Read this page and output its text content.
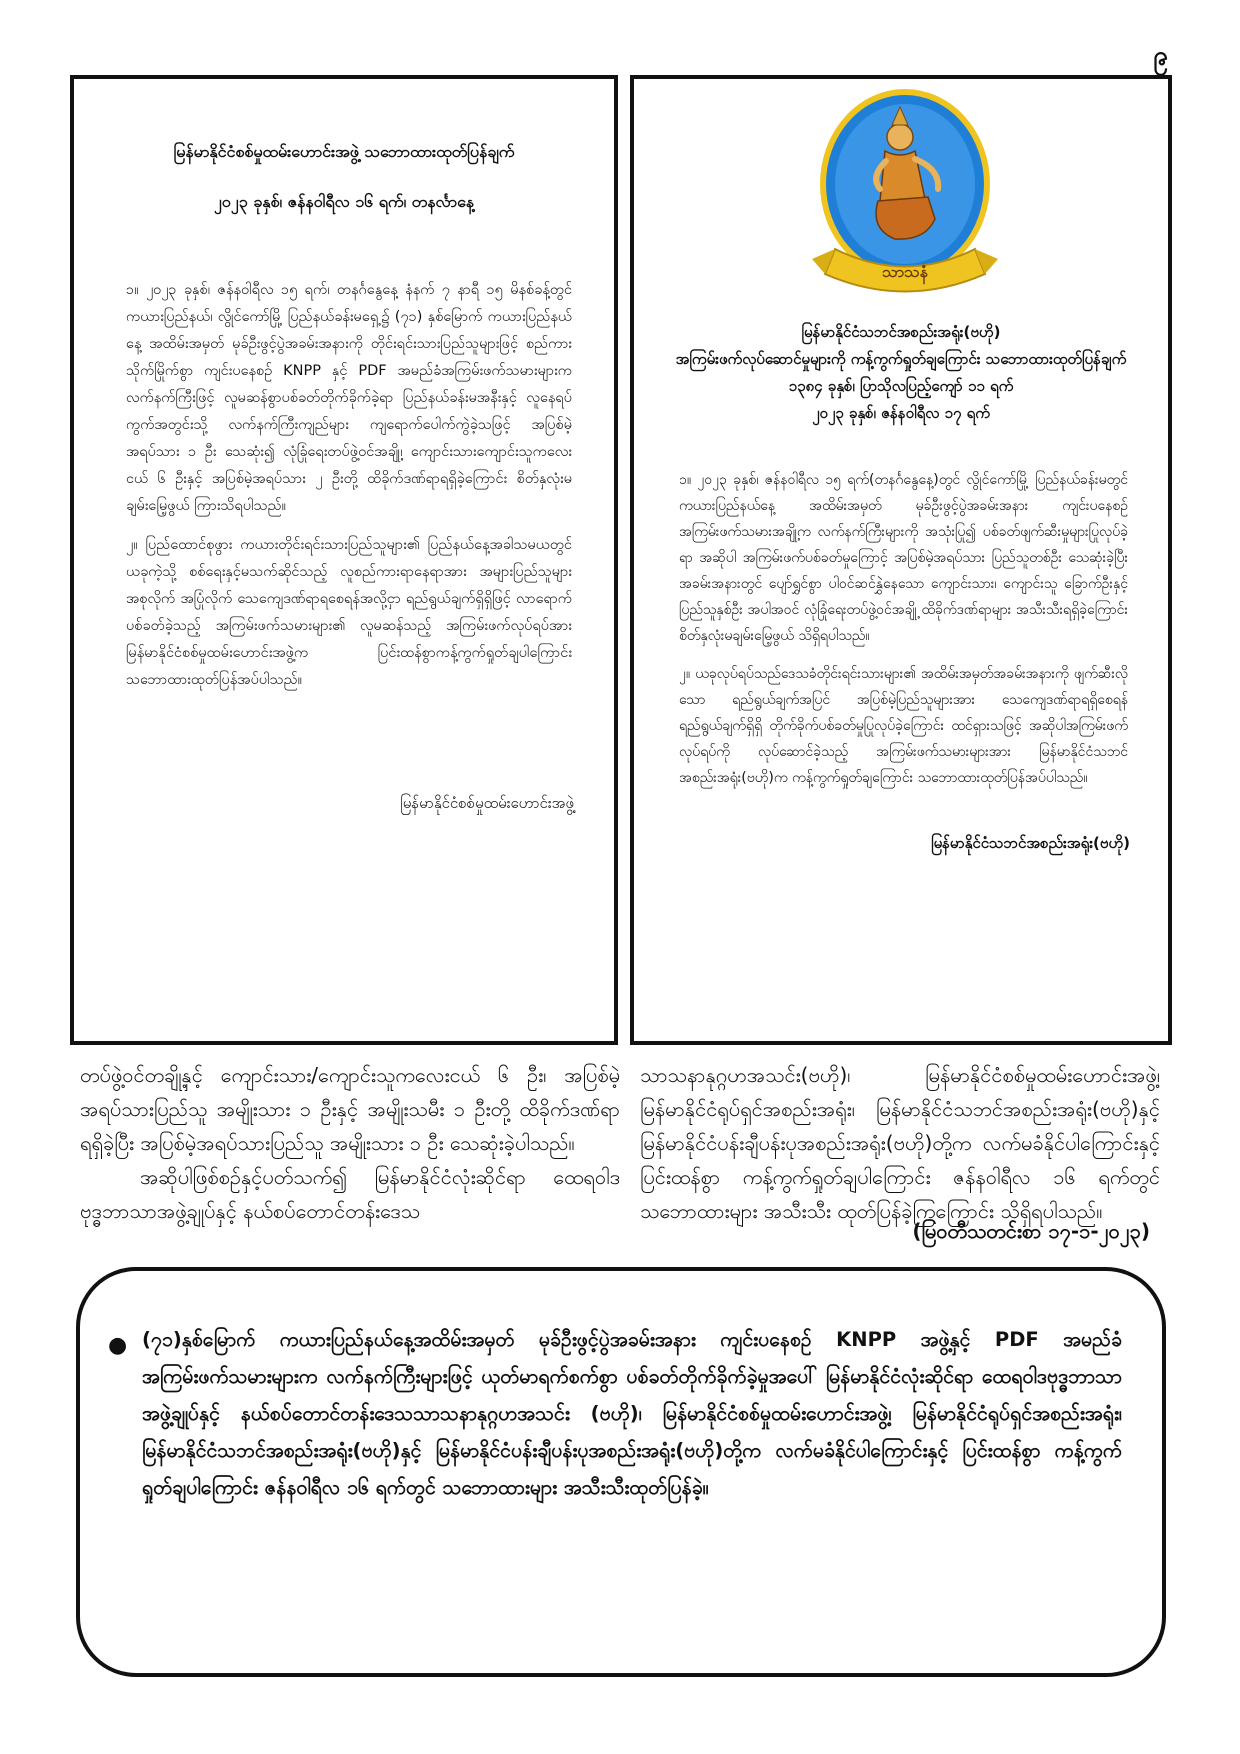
၉
မြန်မာနိုင်ငံစစ်မှုထမ်းဟောင်းအဖွဲ့ သဘောထားထုတ်ပြန်ချက်
၂၀၂၃ ခုနှစ်၊ ဇန်နဝါရီလ ၁၆ ရက်၊ တနင်္လာနေ့

၁။ ၂၀၂၃ ခုနှစ်၊ ဇန်နဝါရီလ ၁၅ ရက်၊ တနင်္ဂနွေနေ့ နံနက် ၇ နာရီ ၁၅ မိနစ်ခန့်တွင် ကယားပြည်နယ်၊ လွိုင်ကော်မြို့ ပြည်နယ်ခန်းမရှေ့၌ (၇၁) နှစ်မြောက် ကယားပြည်နယ်နေ့ အထိမ်းအမှတ် မုခ်ဦးဖွင့်ပွဲအခမ်းအနားကို တိုင်းရင်းသားပြည်သူများဖြင့် စည်ကားသိုက်မြိုက်စွာ ကျင်းပနေစဉ် KNPP နှင့် PDF အမည်ခံအကြမ်းဖက်သမားများက လက်နက်ကြီးဖြင့် လူမဆန်စွာပစ်ခတ်တိုက်ခိုက်ခဲ့ရာ ပြည်နယ်ခန်းမအနီးနှင့် လူနေရပ်ကွက်အတွင်းသို့ လက်နက်ကြီးကျည်များ ကျရောက်ပေါက်ကွဲခဲ့သဖြင့် အပြစ်မဲ့အရပ်သား ၁ ဦး သေဆုံး၍ လုံခြုံရေးတပ်ဖွဲ့ဝင်အချို့၊ ကျောင်းသားကျောင်းသူကလေးငယ် ၆ ဦးနှင့် အပြစ်မဲ့အရပ်သား ၂ ဦးတို့ ထိခိုက်ဒဏ်ရာရရှိခဲ့ကြောင်း စိတ်နှလုံးမချမ်းမြေ့ဖွယ် ကြားသိရပါသည်။

၂။ ပြည်ထောင်စုဖွား ကယားတိုင်းရင်းသားပြည်သူများ၏ ပြည်နယ်နေ့အခါသမယတွင် ယခုကဲ့သို့ စစ်ရေးနှင့်မသက်ဆိုင်သည့် လူစည်ကားရာနေရာအား အများပြည်သူများ အစုလိုက် အပြုံလိုက် သေကျေဒဏ်ရာရစေရန်အလို့ငှာ ရည်ရွယ်ချက်ရှိရှိဖြင့် လာရောက်ပစ်ခတ်ခဲ့သည့် အကြမ်းဖက်သမားများ၏ လူမဆန်သည့် အကြမ်းဖက်လုပ်ရပ်အား မြန်မာနိုင်ငံစစ်မှုထမ်းဟောင်းအဖွဲ့က ပြင်းထန်စွာကန့်ကွက်ရှုတ်ချပါကြောင်း သဘောထားထုတ်ပြန်အပ်ပါသည်။

မြန်မာနိုင်ငံစစ်မှုထမ်းဟောင်းအဖွဲ့
သာသနံ
မြန်မာနိုင်ငံသဘင်အစည်းအရုံး(ဗဟို)
အကြမ်းဖက်လုပ်ဆောင်မှုများကို ကန့်ကွက်ရှုတ်ချကြောင်း သဘောထားထုတ်ပြန်ချက်
၁၃၈၄ ခုနှစ်၊ ပြာသိုလပြည့်ကျော် ၁၁ ရက်
၂၀၂၃ ခုနှစ်၊ ဇန်နဝါရီလ ၁၇ ရက်

၁။ ၂၀၂၃ ခုနှစ်၊ ဇန်နဝါရီလ ၁၅ ရက်(တနင်္ဂနွေနေ့)တွင် လွိုင်ကော်မြို့ ပြည်နယ်ခန်းမတွင် ကယားပြည်နယ်နေ့ အထိမ်းအမှတ် မုခ်ဦးဖွင့်ပွဲအခမ်းအနား ကျင်းပနေစဉ် အကြမ်းဖက်သမားအချို့က လက်နက်ကြီးများကို အသုံးပြု၍ ပစ်ခတ်ဖျက်ဆီးမှုများပြုလုပ်ခဲ့ရာ အဆိုပါ အကြမ်းဖက်ပစ်ခတ်မှုကြောင့် အပြစ်မဲ့အရပ်သား ပြည်သူတစ်ဦး သေဆုံးခဲ့ပြီး အခမ်းအနားတွင် ပျော်ရွှင်စွာ ပါဝင်ဆင်နွှဲနေသော ကျောင်းသား၊ ကျောင်းသူ ခြောက်ဦးနှင့် ပြည်သူနှစ်ဦး အပါအဝင် လုံခြုံရေးတပ်ဖွဲ့ဝင်အချို့ ထိခိုက်ဒဏ်ရာများ အသီးသီးရရှိခဲ့ကြောင်း စိတ်နှလုံးမချမ်းမြေ့ဖွယ် သိရှိရပါသည်။

၂။ ယခုလုပ်ရပ်သည်ဒေသခံတိုင်းရင်းသားများ၏ အထိမ်းအမှတ်အခမ်းအနားကို ဖျက်ဆီးလိုသော ရည်ရွယ်ချက်အပြင် အပြစ်မဲ့ပြည်သူများအား သေကျေဒဏ်ရာရရှိစေရန် ရည်ရွယ်ချက်ရှိရှိ တိုက်ခိုက်ပစ်ခတ်မှုပြုလုပ်ခဲ့ကြောင်း ထင်ရှားသဖြင့် အဆိုပါအကြမ်းဖက်လုပ်ရပ်ကို လုပ်ဆောင်ခဲ့သည့် အကြမ်းဖက်သမားများအား မြန်မာနိုင်ငံသဘင်အစည်းအရုံး(ဗဟို)က ကန့်ကွက်ရှုတ်ချကြောင်း သဘောထားထုတ်ပြန်အပ်ပါသည်။

မြန်မာနိုင်ငံသဘင်အစည်းအရုံး(ဗဟို)

တပ်ဖွဲ့ဝင်တချို့နှင့် ကျောင်းသား/ကျောင်းသူကလေးငယ် ၆ ဦး၊ အပြစ်မဲ့အရပ်သားပြည်သူ အမျိုးသား ၁ ဦးနှင့် အမျိုးသမီး ၁ ဦးတို့ ထိခိုက်ဒဏ်ရာရရှိခဲ့ပြီး အပြစ်မဲ့အရပ်သားပြည်သူ အမျိုးသား ၁ ဦး သေဆုံးခဲ့ပါသည်။

အဆိုပါဖြစ်စဉ်နှင့်ပတ်သက်၍ မြန်မာနိုင်ငံလုံးဆိုင်ရာ ထေရဝါဒဗုဒ္ဓဘာသာအဖွဲ့ချုပ်နှင့် နယ်စပ်တောင်တန်းဒေသ

သာသနာနုဂ္ဂဟအသင်း(ဗဟို)၊ မြန်မာနိုင်ငံစစ်မှုထမ်းဟောင်းအဖွဲ့၊ မြန်မာနိုင်ငံရုပ်ရှင်အစည်းအရုံး၊ မြန်မာနိုင်ငံသဘင်အစည်းအရုံး(ဗဟို)နှင့် မြန်မာနိုင်ငံပန်းချီပန်းပုအစည်းအရုံး(ဗဟို)တို့က လက်မခံနိုင်ပါကြောင်းနှင့် ပြင်းထန်စွာ ကန့်ကွက်ရှုတ်ချပါကြောင်း ဇန်နဝါရီလ ၁၆ ရက်တွင် သဘောထားများ အသီးသီး ထုတ်ပြန်ခဲ့ကြကြောင်း သိရှိရပါသည်။

(မြဝတီသတင်းစာ ၁၇-၁-၂၀၂၃)
● (၇၁)နှစ်မြောက် ကယားပြည်နယ်နေ့အထိမ်းအမှတ် မုခ်ဦးဖွင့်ပွဲအခမ်းအနား ကျင်းပနေစဉ် KNPP အဖွဲ့နှင့် PDF အမည်ခံ အကြမ်းဖက်သမားများက လက်နက်ကြီးများဖြင့် ယုတ်မာရက်စက်စွာ ပစ်ခတ်တိုက်ခိုက်ခဲ့မှုအပေါ် မြန်မာနိုင်ငံလုံးဆိုင်ရာ ထေရဝါဒဗုဒ္ဓဘာသာအဖွဲ့ချုပ်နှင့် နယ်စပ်တောင်တန်းဒေသသာသနာနုဂ္ဂဟအသင်း (ဗဟို)၊ မြန်မာနိုင်ငံစစ်မှုထမ်းဟောင်းအဖွဲ့၊ မြန်မာနိုင်ငံရုပ်ရှင်အစည်းအရုံး၊ မြန်မာနိုင်ငံသဘင်အစည်းအရုံး(ဗဟို)နှင့် မြန်မာနိုင်ငံပန်းချီပန်းပုအစည်းအရုံး(ဗဟို)တို့က လက်မခံနိုင်ပါကြောင်းနှင့် ပြင်းထန်စွာ ကန့်ကွက်ရှုတ်ချပါကြောင်း ဇန်နဝါရီလ ၁၆ ရက်တွင် သဘောထားများ အသီးသီးထုတ်ပြန်ခဲ့။
